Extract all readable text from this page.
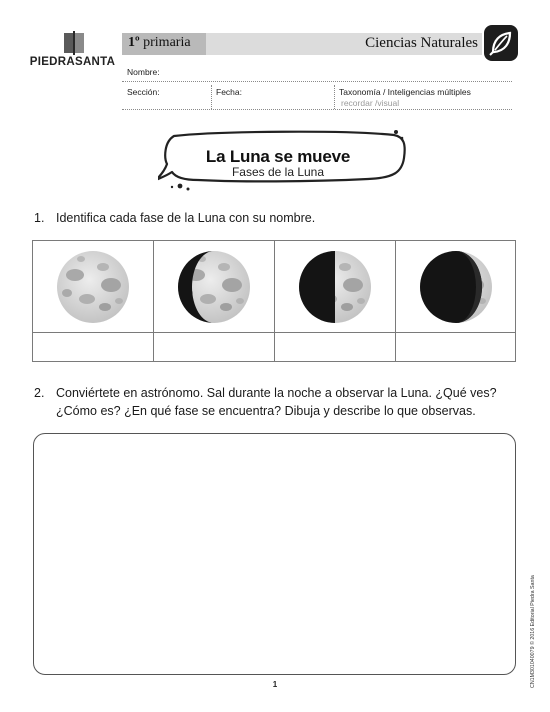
PIEDRASANTA
1º primaria	Ciencias Naturales
Nombre:
Sección:	Fecha:	Taxonomía / Inteligencias múltiples
recordar /visual
La Luna se mueve
Fases de la Luna
1. Identifica cada fase de la Luna con su nombre.
2. Conviértete en astrónomo. Sal durante la noche a observar la Luna. ¿Qué ves?
¿Cómo es? ¿En qué fase se encuentra? Dibuja y describe lo que observas.
1	CN1M301040079 © 2016 Editorial Piedra Santa
